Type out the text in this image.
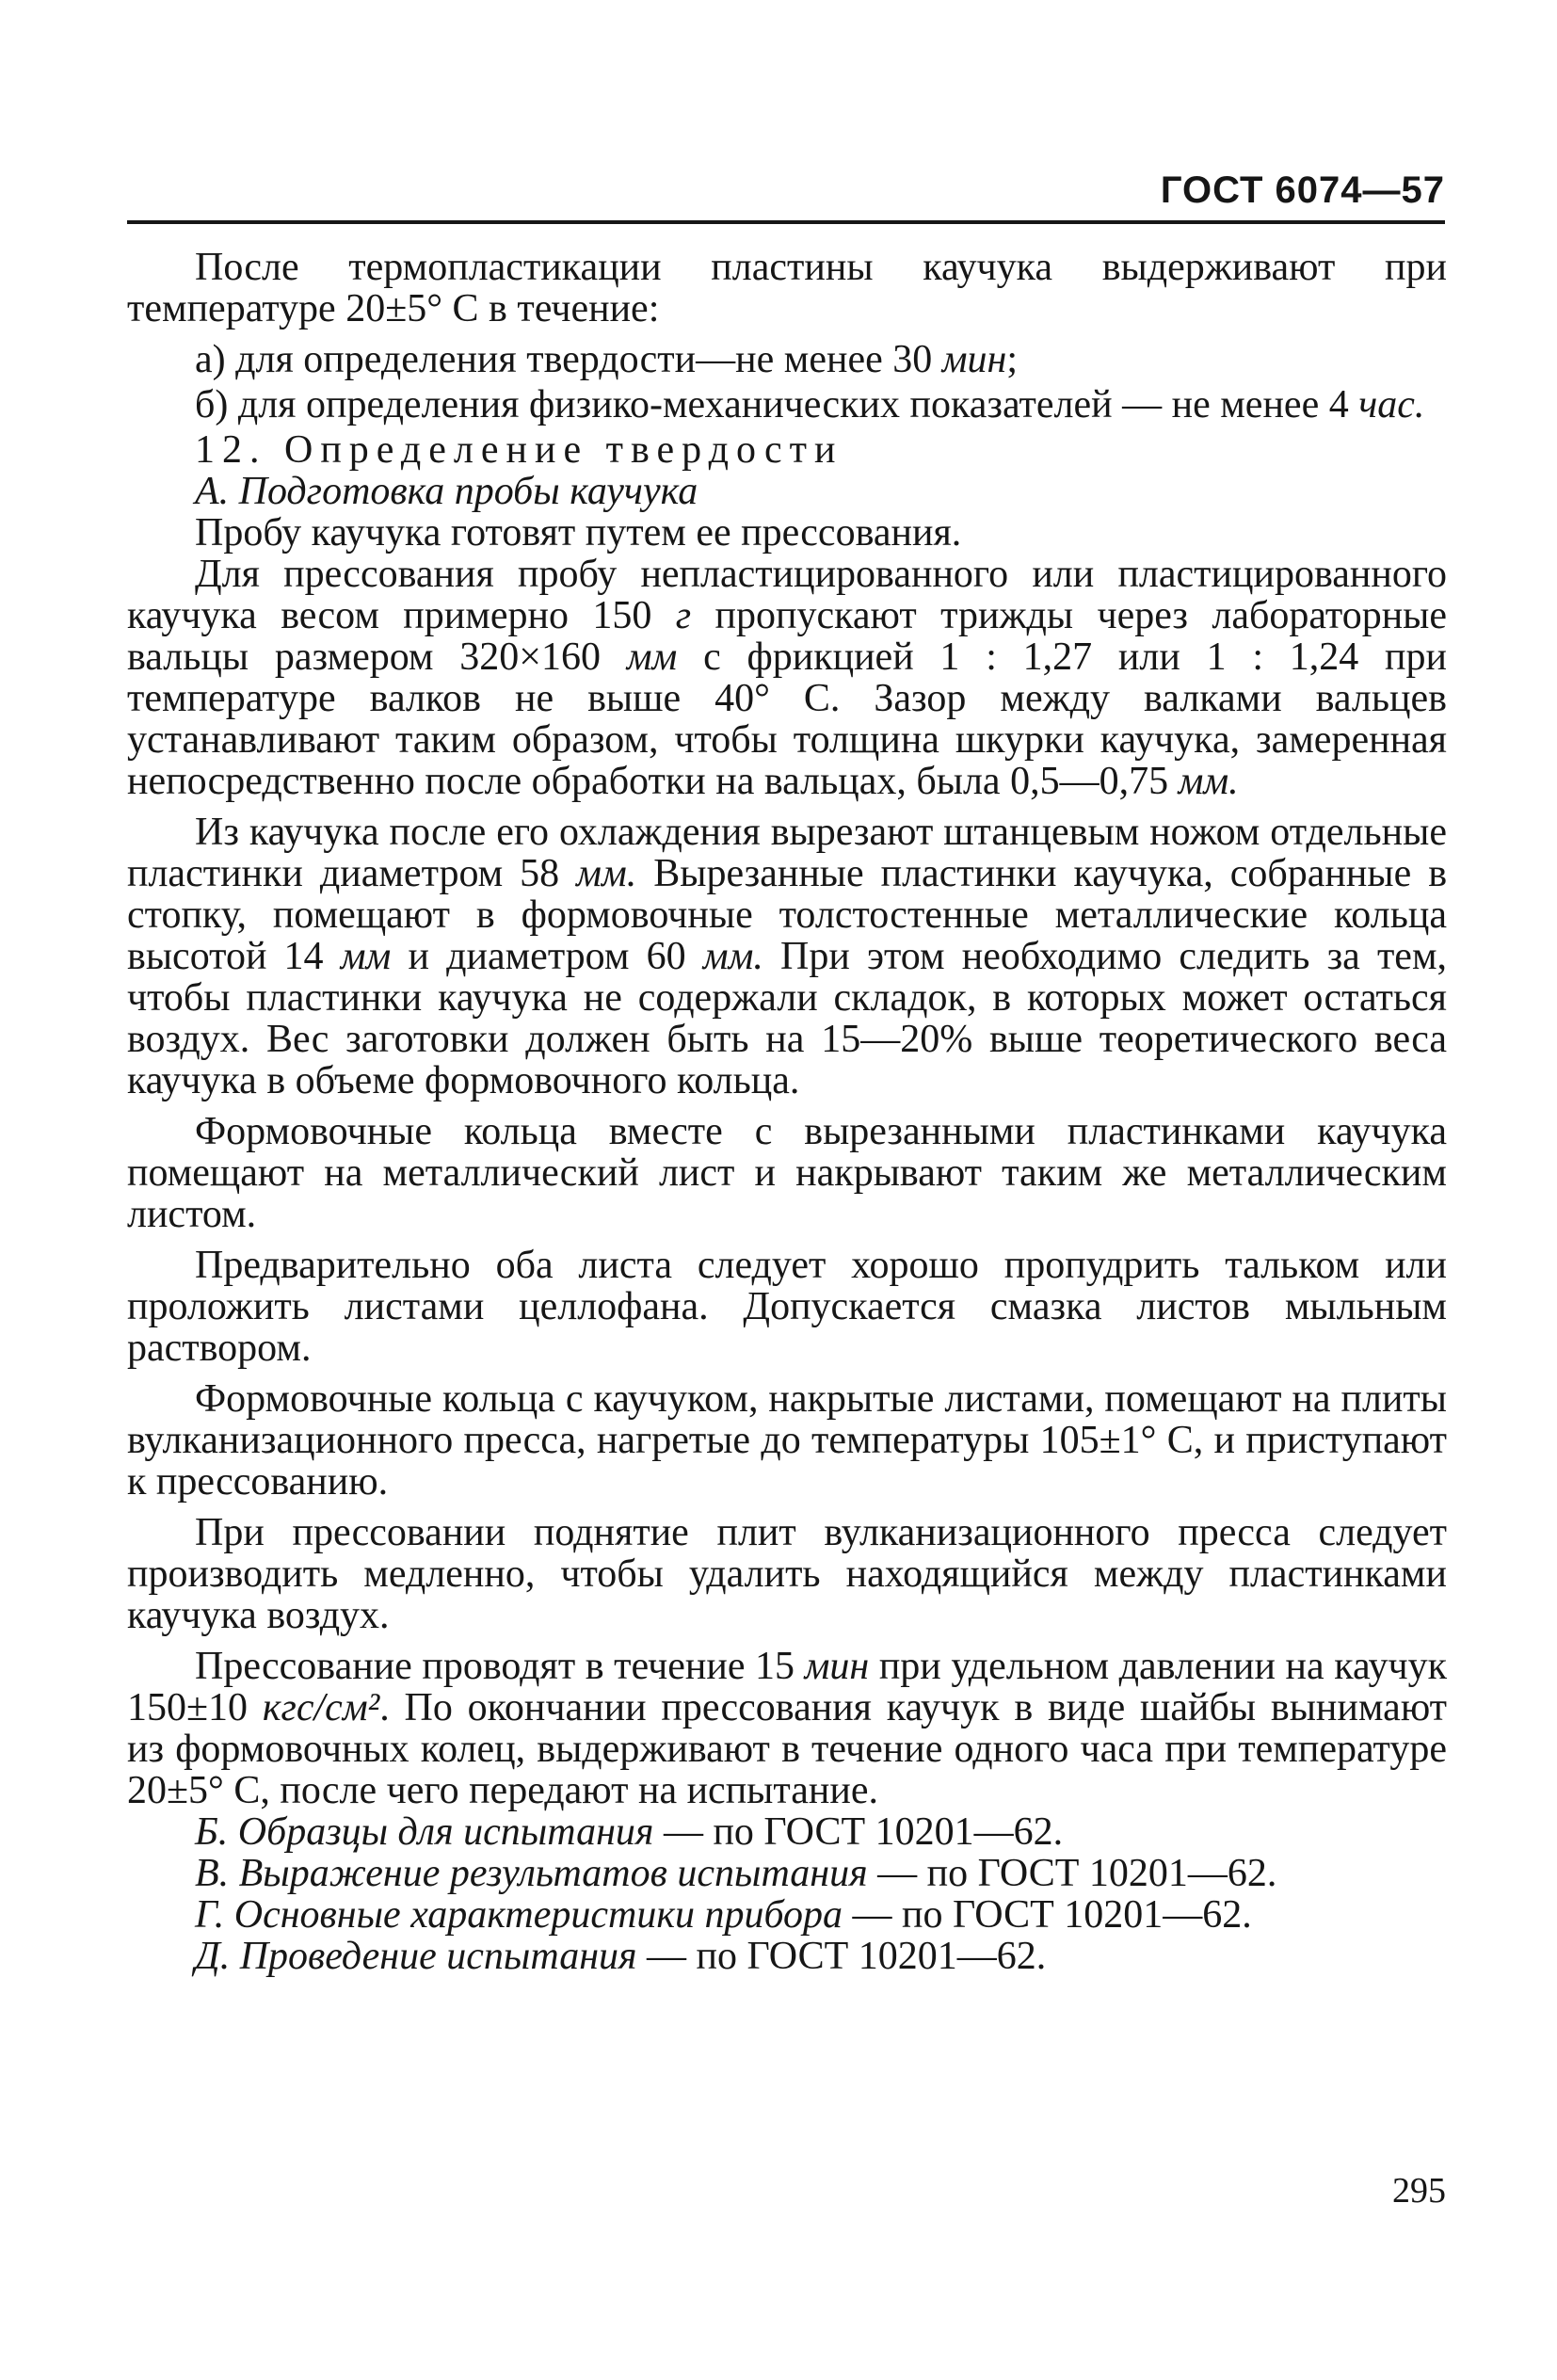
ГОСТ 6074—57

После термопластикации пластины каучука выдерживают при температуре 20±5° С в течение:

а) для определения твердости—не менее 30 мин;

б) для определения физико-механических показателей — не менее 4 час.

12. Определение твердости

А. Подготовка пробы каучука

Пробу каучука готовят путем ее прессования.

Для прессования пробу непластицированного или пластицированного каучука весом примерно 150 г пропускают трижды через лабораторные вальцы размером 320×160 мм с фрикцией 1 : 1,27 или 1 : 1,24 при температуре валков не выше 40° С. Зазор между валками вальцев устанавливают таким образом, чтобы толщина шкурки каучука, замеренная непосредственно после обработки на вальцах, была 0,5—0,75 мм.

Из каучука после его охлаждения вырезают штанцевым ножом отдельные пластинки диаметром 58 мм. Вырезанные пластинки каучука, собранные в стопку, помещают в формовочные толстостенные металлические кольца высотой 14 мм и диаметром 60 мм. При этом необходимо следить за тем, чтобы пластинки каучука не содержали складок, в которых может остаться воздух. Вес заготовки должен быть на 15—20% выше теоретического веса каучука в объеме формовочного кольца.

Формовочные кольца вместе с вырезанными пластинками каучука помещают на металлический лист и накрывают таким же металлическим листом.

Предварительно оба листа следует хорошо пропудрить тальком или проложить листами целлофана. Допускается смазка листов мыльным раствором.

Формовочные кольца с каучуком, накрытые листами, помещают на плиты вулканизационного пресса, нагретые до температуры 105±1° С, и приступают к прессованию.

При прессовании поднятие плит вулканизационного пресса следует производить медленно, чтобы удалить находящийся между пластинками каучука воздух.

Прессование проводят в течение 15 мин при удельном давлении на каучук 150±10 кгс/см². По окончании прессования каучук в виде шайбы вынимают из формовочных колец, выдерживают в течение одного часа при температуре 20±5° С, после чего передают на испытание.

Б. Образцы для испытания — по ГОСТ 10201—62.

В. Выражение результатов испытания — по ГОСТ 10201—62.

Г. Основные характеристики прибора — по ГОСТ 10201—62.

Д. Проведение испытания — по ГОСТ 10201—62.

295
